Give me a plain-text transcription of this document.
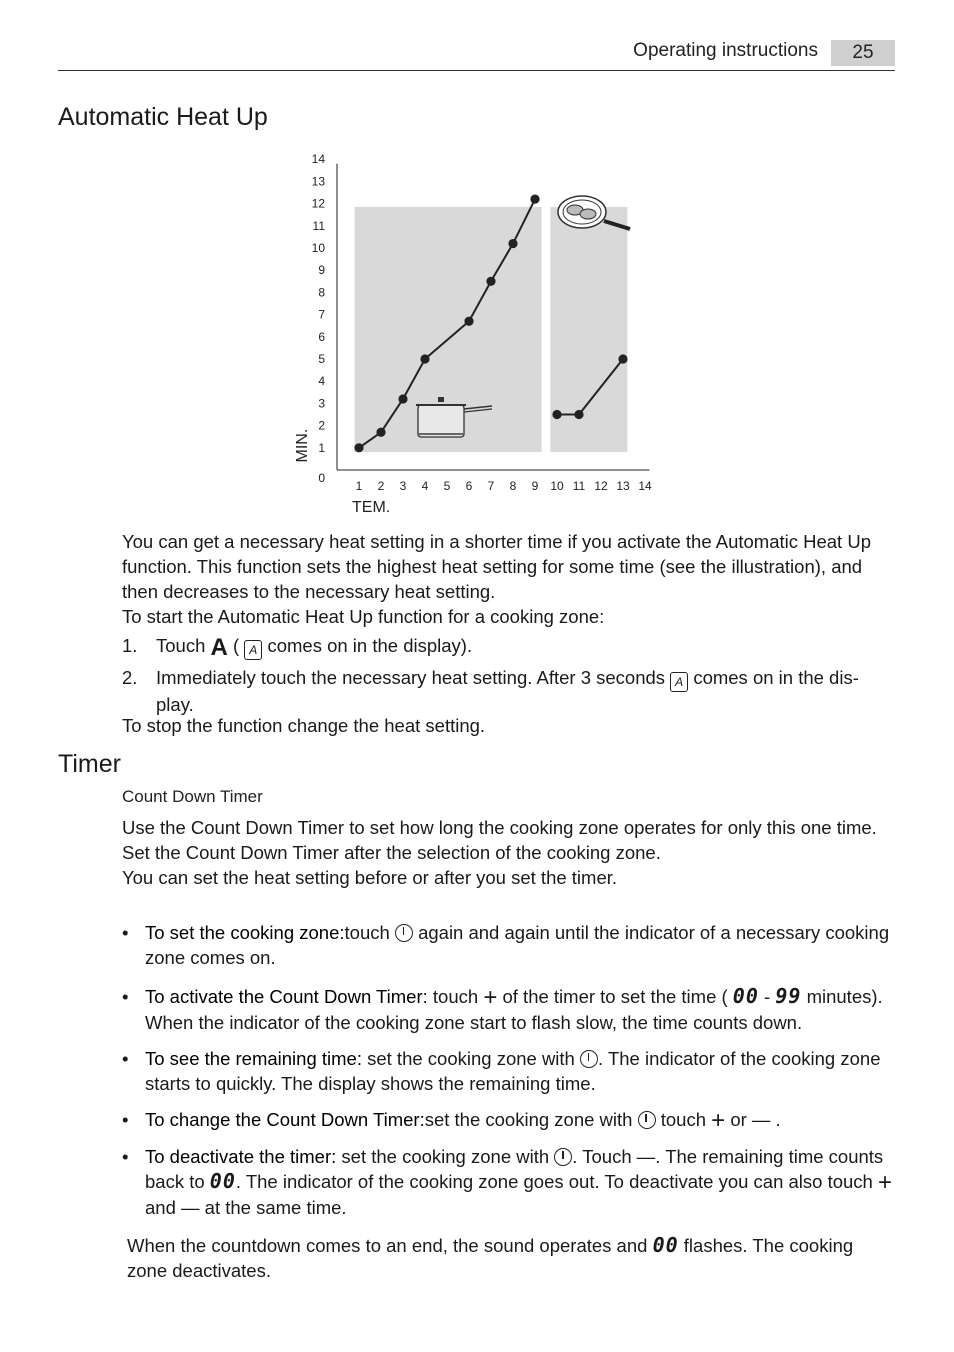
Operating instructions	25
Automatic Heat Up
1 2 3 4 5 6 7 8 9 10 11 12 13 14
0
1
2
3
4
5
6
7
8
9
10
11
12
13
14
TEM.
MIN.
You can get a necessary heat setting in a shorter time if you activate the Automatic Heat Up function. This function sets the highest heat setting for some time (see the illustration), and then decreases to the necessary heat setting.
To start the Automatic Heat Up function for a cooking zone:
1.	Touch A ( A comes on in the display).
2.	Immediately touch the necessary heat setting. After 3 seconds A comes on in the dis-play.
To stop the function change the heat setting.
Timer
Count Down Timer
Use the Count Down Timer to set how long the cooking zone operates for only this one time.
Set the Count Down Timer after the selection of the cooking zone.
You can set the heat setting before or after you set the timer.
• To set the cooking zone:touch again and again until the indicator of a necessary cooking zone comes on.
• To activate the Count Down Timer: touch + of the timer to set the time ( 00 - 99 minutes). When the indicator of the cooking zone start to flash slow, the time counts down.
• To see the remaining time: set the cooking zone with . The indicator of the cooking zone starts to quickly. The display shows the remaining time.
• To change the Count Down Timer:set the cooking zone with touch + or — .
• To deactivate the timer: set the cooking zone with . Touch —. The remaining time counts back to 00. The indicator of the cooking zone goes out. To deactivate you can also touch + and — at the same time.
When the countdown comes to an end, the sound operates and 00 flashes. The cooking zone deactivates.
